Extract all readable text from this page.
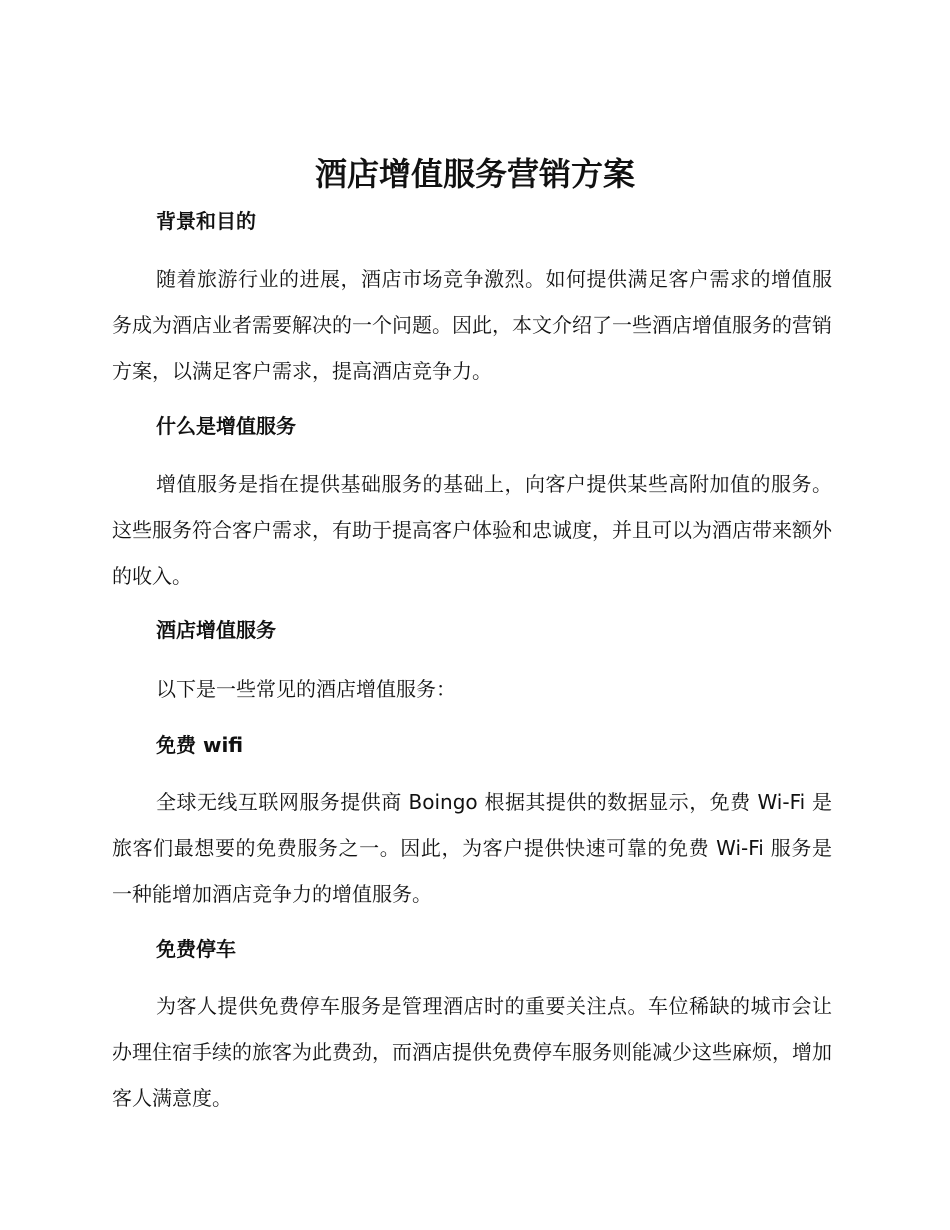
酒店增值服务营销方案
背景和目的

随着旅游行业的进展，酒店市场竞争激烈。如何提供满足客户需求的增值服务成为酒店业者需要解决的一个问题。因此，本文介绍了一些酒店增值服务的营销方案，以满足客户需求，提高酒店竞争力。

什么是增值服务

增值服务是指在提供基础服务的基础上，向客户提供某些高附加值的服务。这些服务符合客户需求，有助于提高客户体验和忠诚度，并且可以为酒店带来额外的收入。

酒店增值服务

以下是一些常见的酒店增值服务：

免费 wifi

全球无线互联网服务提供商 Boingo 根据其提供的数据显示，免费 Wi-Fi 是旅客们最想要的免费服务之一。因此，为客户提供快速可靠的免费 Wi-Fi 服务是一种能增加酒店竞争力的增值服务。

免费停车

为客人提供免费停车服务是管理酒店时的重要关注点。车位稀缺的城市会让办理住宿手续的旅客为此费劲，而酒店提供免费停车服务则能减少这些麻烦，增加客人满意度。
